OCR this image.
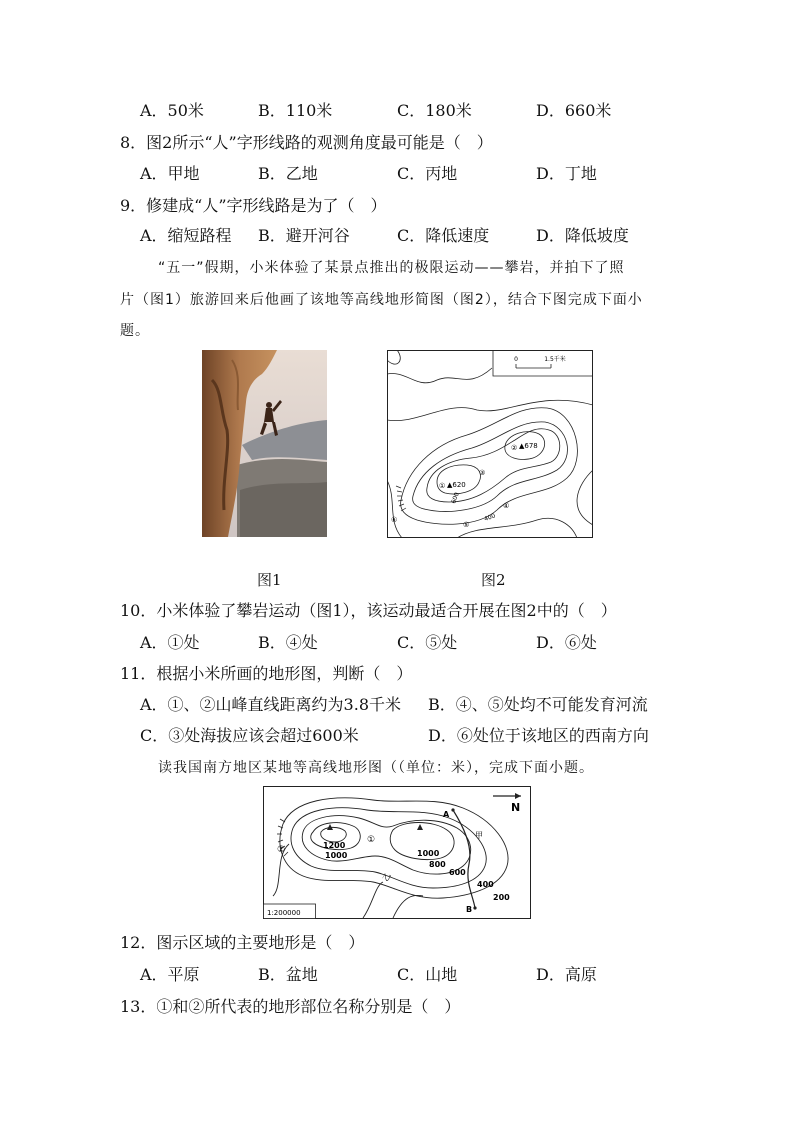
A．50米	B．110米	C．180米	D．660米
8．图2所示“人”字形线路的观测角度最可能是（　）
A．甲地	B．乙地	C．丙地	D．丁地
9．修建成“人”字形线路是为了（　）
A．缩短路程 B．避开河谷	C．降低速度	D．降低坡度
“五一”假期，小米体验了某景点推出的极限运动——攀岩，并拍下了照
片（图1）旅游回来后他画了该地等高线地形简图（图2），结合下图完成下面小
题。
图1
0	1.5千米
① ▲620
② ▲678
③
④
⑤
⑥
600
400
图2
10．小米体验了攀岩运动（图1），该运动最适合开展在图2中的（　）
A．①处	B．④处	C．⑤处	D．⑥处
11．根据小米所画的地形图，判断（　）
A．①、②山峰直线距离约为3.8千米 B．④、⑤处均不可能发育河流
C．③处海拔应该会超过600米	D．⑥处位于该地区的西南方向
读我国南方地区某地等高线地形图（（单位：米），完成下面小题。
N
1:200000
1200
1000	1000
800
600
400
200
①
②
A
B
甲
乙
12．图示区域的主要地形是（　）
A．平原	B．盆地	C．山地	D．高原
13．①和②所代表的地形部位名称分别是（　）
